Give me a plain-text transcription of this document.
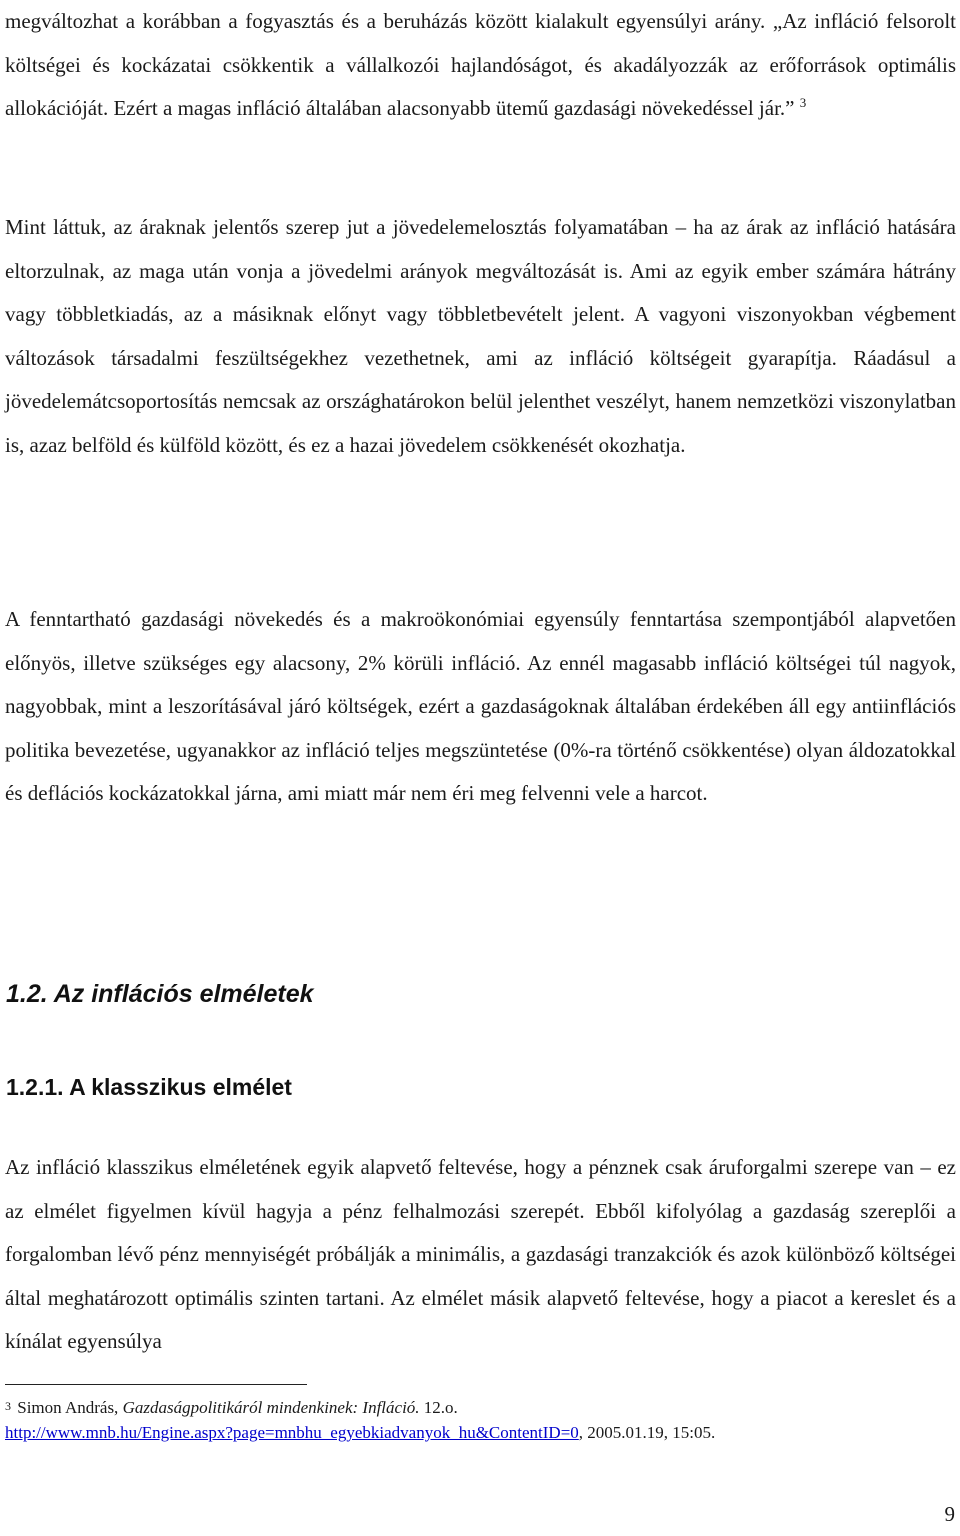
megváltozhat a korábban a fogyasztás és a beruházás között kialakult egyensúlyi arány. „Az infláció felsorolt költségei és kockázatai csökkentik a vállalkozói hajlandóságot, és akadályozzák az erőforrások optimális allokációját. Ezért a magas infláció általában alacsonyabb ütemű gazdasági növekedéssel jár.” $^3$

Mint láttuk, az áraknak jelentős szerep jut a jövedelemelosztás folyamatában – ha az árak az infláció hatására eltorzulnak, az maga után vonja a jövedelmi arányok megváltozását is. Ami az egyik ember számára hátrány vagy többletkiadás, az a másiknak előnyt vagy többletbevételt jelent. A vagyoni viszonyokban végbement változások társadalmi feszültségekhez vezethetnek, ami az infláció költségeit gyarapítja. Ráadásul a jövedelemátcsoportosítás nemcsak az országhatárokon belül jelenthet veszélyt, hanem nemzetközi viszonylatban is, azaz belföld és külföld között, és ez a hazai jövedelem csökkenését okozhatja.

A fenntartható gazdasági növekedés és a makroökonómiai egyensúly fenntartása szempontjából alapvetően előnyös, illetve szükséges egy alacsony, 2% körüli infláció. Az ennél magasabb infláció költségei túl nagyok, nagyobbak, mint a leszorításával járó költségek, ezért a gazdaságoknak általában érdekében áll egy antiinflációs politika bevezetése, ugyanakkor az infláció teljes megszüntetése (0%-ra történő csökkentése) olyan áldozatokkal és deflációs kockázatokkal járna, ami miatt már nem éri meg felvenni vele a harcot.

1.2. Az inflációs elméletek
1.2.1. A klasszikus elmélet

Az infláció klasszikus elméletének egyik alapvető feltevése, hogy a pénznek csak áruforgalmi szerepe van – ez az elmélet figyelmen kívül hagyja a pénz felhalmozási szerepét. Ebből kifolyólag a gazdaság szereplői a forgalomban lévő pénz mennyiségét próbálják a minimális, a gazdasági tranzakciók és azok különböző költségei által meghatározott optimális szinten tartani. Az elmélet másik alapvető feltevése, hogy a piacot a kereslet és a kínálat egyensúlya

$^3$ Simon András, Gazdaságpolitikáról mindenkinek: Infláció. 12.o.
http://www.mnb.hu/Engine.aspx?page=mnbhu_egyebkiadvanyok_hu&ContentID=0, 2005.01.19, 15:05.
9
